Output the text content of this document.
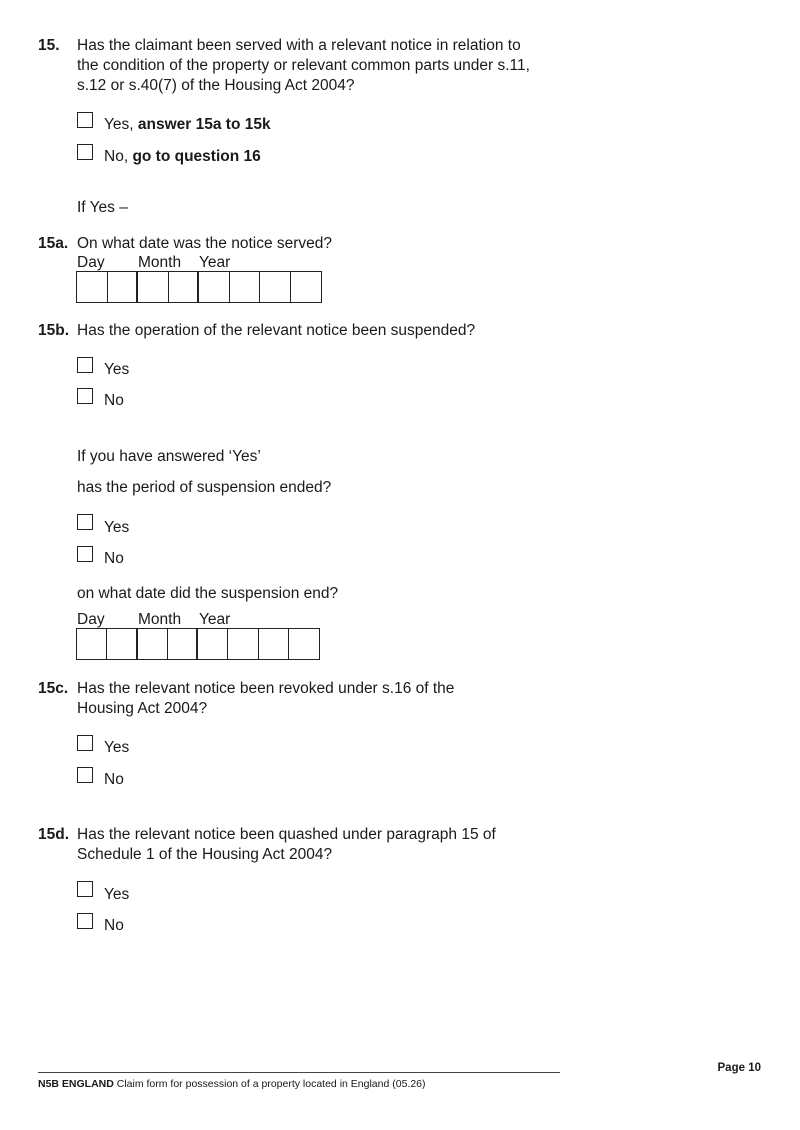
15. Has the claimant been served with a relevant notice in relation to
the condition of the property or relevant common parts under s.11,
s.12 or s.40(7) of the Housing Act 2004?
Yes, answer 15a to 15k
No, go to question 16
If Yes –
15a. On what date was the notice served?
Day Month Year
15b. Has the operation of the relevant notice been suspended?
Yes
No
If you have answered ‘Yes’
has the period of suspension ended?
Yes
No
on what date did the suspension end?
Day Month Year
15c. Has the relevant notice been revoked under s.16 of the
Housing Act 2004?
Yes
No
15d. Has the relevant notice been quashed under paragraph 15 of
Schedule 1 of the Housing Act 2004?
Yes
No
Page 10
N5B ENGLAND Claim form for possession of a property located in England (05.26)
